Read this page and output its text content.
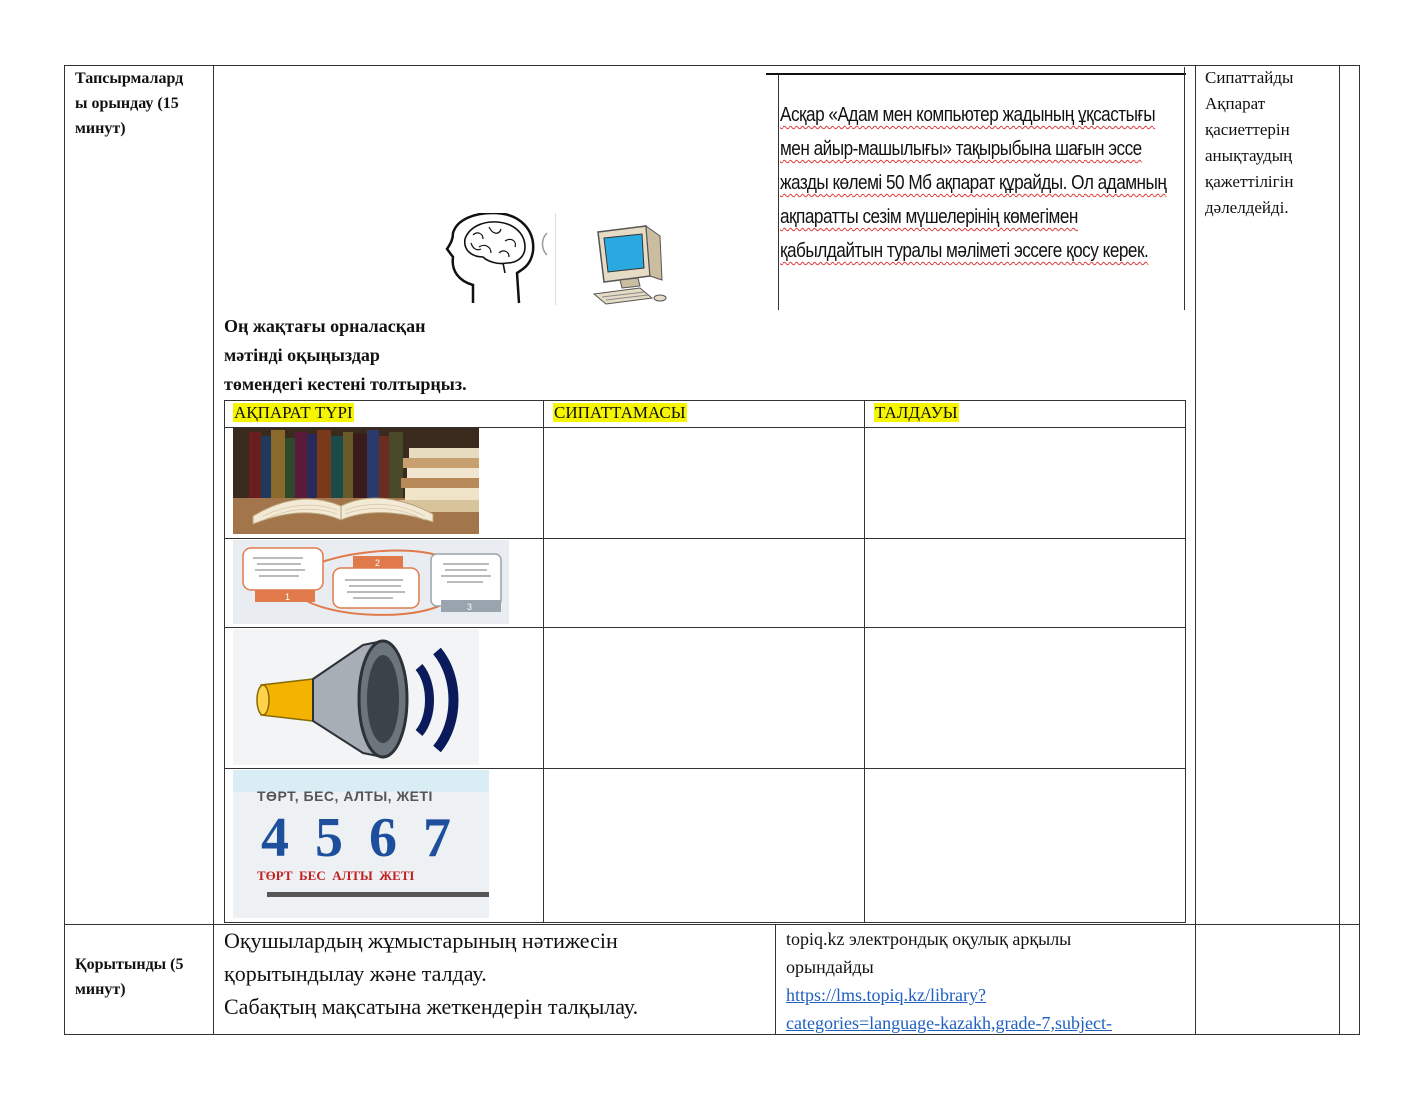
Тапсырмалард
ы орындау (15
минут)
Асқар «Адам мен компьютер жадының ұқсастығы
мен айыр-машылығы» тақырыбына шағын эссе
жазды көлемі 50 Мб ақпарат құрайды. Ол адамның
ақпаратты сезім мүшелерінің көмегімен
қабылдайтын туралы мәліметі эссеге қосу керек.
Оң жақтағы орналасқан
мәтінді оқыңыздар
төмендегі кестені толтырңыз.
АҚПАРАТ ТҮРІ	СИПАТТАМАСЫ	ТАЛДАУЫ
1
2
3
ТӨРТ, БЕС, АЛТЫ, ЖЕТІ
4 5 6 7
ТӨРТ  БЕС  АЛТЫ  ЖЕТІ
Сипаттайды
Ақпарат
қасиеттерін
анықтаудың
қажеттілігін
дәлелдейді.
Қорытынды (5
минут)
Оқушылардың жұмыстарының нәтижесін
қорытындылау және талдау.
Сабақтың мақсатына жеткендерін талқылау.
topiq.kz электрондық оқулық арқылы
орындайды
https://lms.topiq.kz/library?
categories=language-kazakh,grade-7,subject-
